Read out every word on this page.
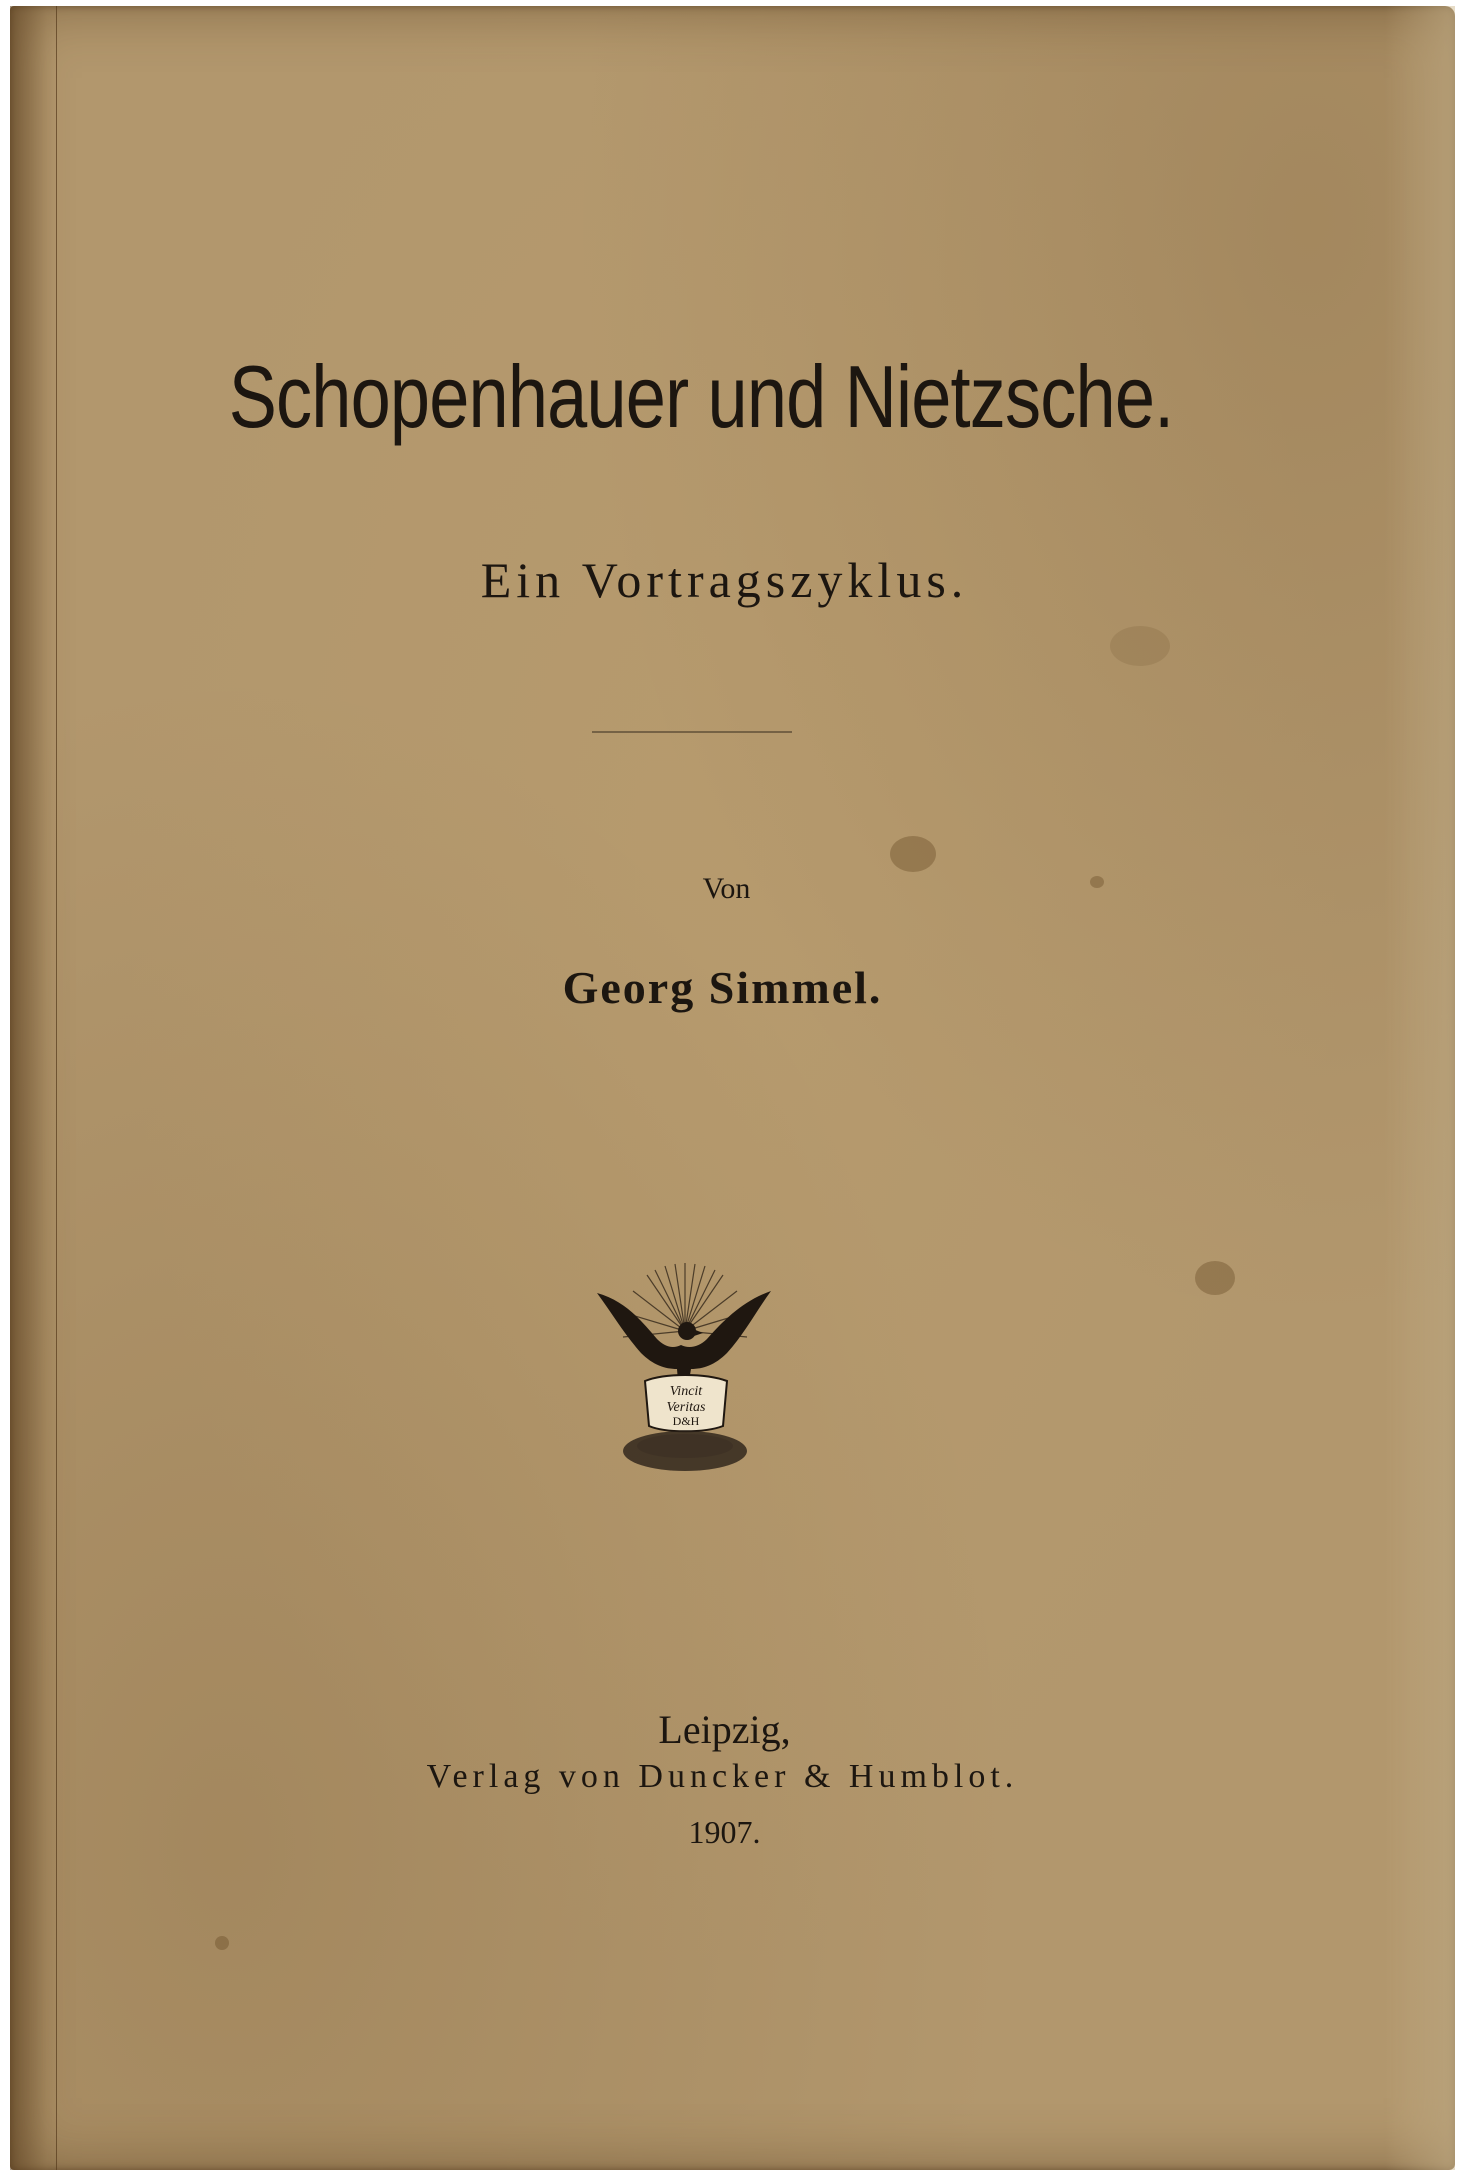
Schopenhauer und Nietzsche.
Ein Vortragszyklus.
Von
Georg Simmel.
Vincit
Veritas
D&H
Leipzig,
Verlag von Duncker & Humblot.
1907.
